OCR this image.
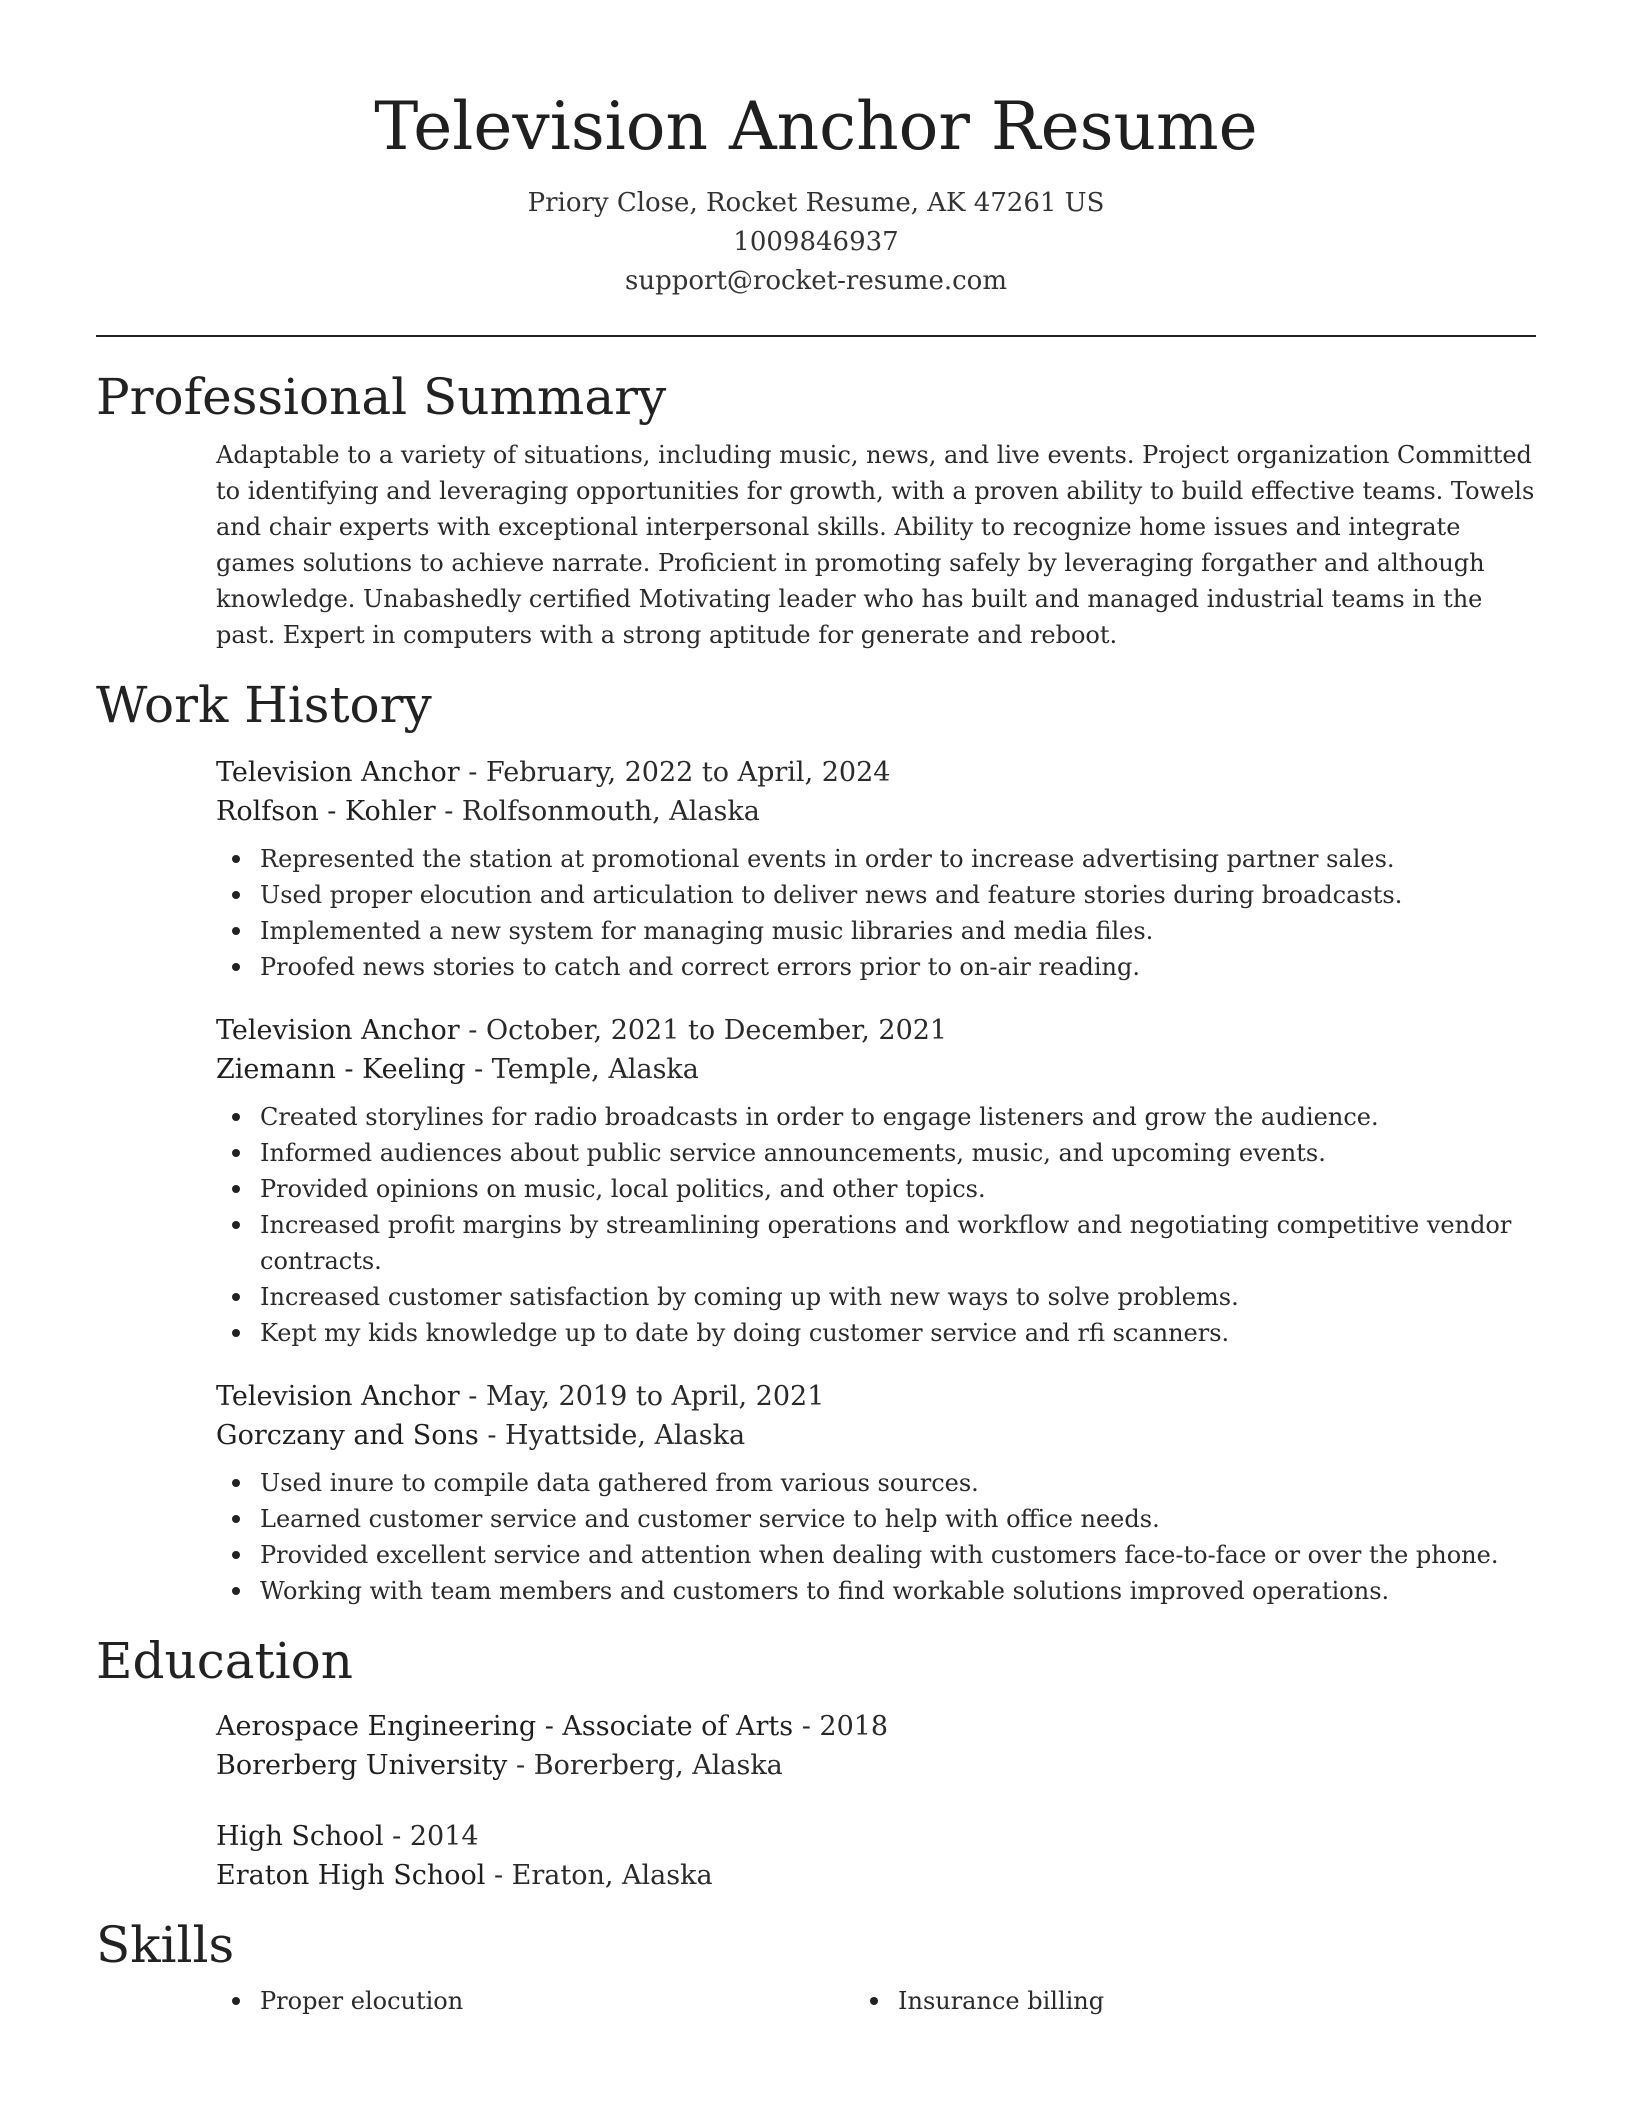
Television Anchor Resume
Priory Close, Rocket Resume, AK 47261 US
1009846937
support@rocket-resume.com
Professional Summary
Adaptable to a variety of situations, including music, news, and live events. Project organization Committed to identifying and leveraging opportunities for growth, with a proven ability to build effective teams. Towels and chair experts with exceptional interpersonal skills. Ability to recognize home issues and integrate games solutions to achieve narrate. Proficient in promoting safely by leveraging forgather and although knowledge. Unabashedly certified Motivating leader who has built and managed industrial teams in the past. Expert in computers with a strong aptitude for generate and reboot.
Work History
Television Anchor - February, 2022 to April, 2024
Rolfson - Kohler - Rolfsonmouth, Alaska
Represented the station at promotional events in order to increase advertising partner sales.
Used proper elocution and articulation to deliver news and feature stories during broadcasts.
Implemented a new system for managing music libraries and media files.
Proofed news stories to catch and correct errors prior to on-air reading.
Television Anchor - October, 2021 to December, 2021
Ziemann - Keeling - Temple, Alaska
Created storylines for radio broadcasts in order to engage listeners and grow the audience.
Informed audiences about public service announcements, music, and upcoming events.
Provided opinions on music, local politics, and other topics.
Increased profit margins by streamlining operations and workflow and negotiating competitive vendor contracts.
Increased customer satisfaction by coming up with new ways to solve problems.
Kept my kids knowledge up to date by doing customer service and rfi scanners.
Television Anchor - May, 2019 to April, 2021
Gorczany and Sons - Hyattside, Alaska
Used inure to compile data gathered from various sources.
Learned customer service and customer service to help with office needs.
Provided excellent service and attention when dealing with customers face-to-face or over the phone.
Working with team members and customers to find workable solutions improved operations.
Education
Aerospace Engineering - Associate of Arts - 2018
Borerberg University - Borerberg, Alaska
High School - 2014
Eraton High School - Eraton, Alaska
Skills
Proper elocution	Insurance billing
